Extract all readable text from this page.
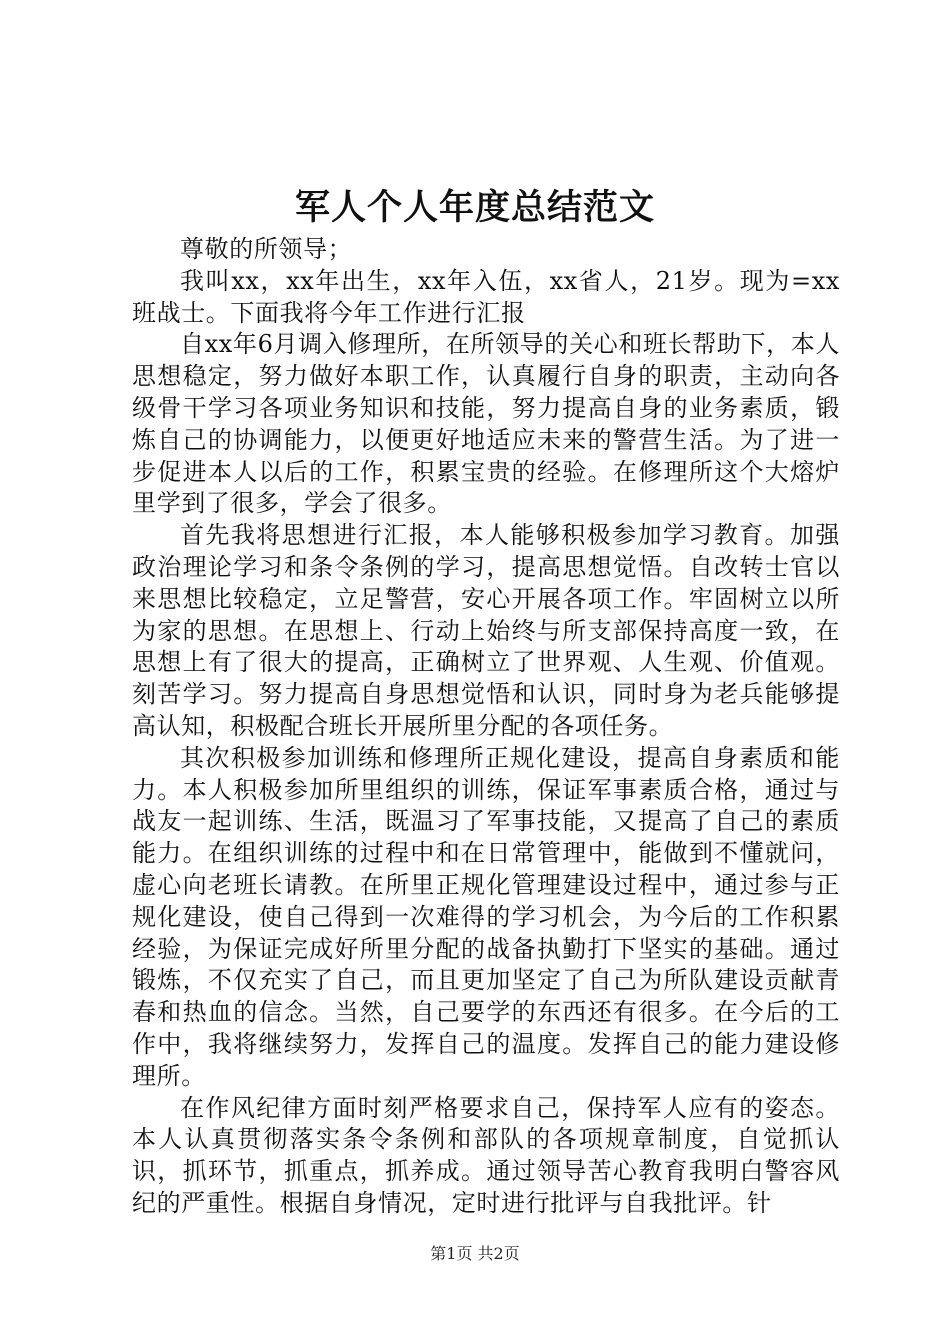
军人个人年度总结范文

尊敬的所领导；

我叫xx，xx年出生，xx年入伍，xx省人，21岁。现为=xx班战士。下面我将今年工作进行汇报

自xx年6月调入修理所，在所领导的关心和班长帮助下，本人思想稳定，努力做好本职工作，认真履行自身的职责，主动向各级骨干学习各项业务知识和技能，努力提高自身的业务素质，锻炼自己的协调能力，以便更好地适应未来的警营生活。为了进一步促进本人以后的工作，积累宝贵的经验。在修理所这个大熔炉里学到了很多，学会了很多。

首先我将思想进行汇报，本人能够积极参加学习教育。加强政治理论学习和条令条例的学习，提高思想觉悟。自改转士官以来思想比较稳定，立足警营，安心开展各项工作。牢固树立以所为家的思想。在思想上、行动上始终与所支部保持高度一致，在思想上有了很大的提高，正确树立了世界观、人生观、价值观。刻苦学习。努力提高自身思想觉悟和认识，同时身为老兵能够提高认知，积极配合班长开展所里分配的各项任务。

其次积极参加训练和修理所正规化建设，提高自身素质和能力。本人积极参加所里组织的训练，保证军事素质合格，通过与战友一起训练、生活，既温习了军事技能，又提高了自己的素质能力。在组织训练的过程中和在日常管理中，能做到不懂就问，虚心向老班长请教。在所里正规化管理建设过程中，通过参与正规化建设，使自己得到一次难得的学习机会，为今后的工作积累经验，为保证完成好所里分配的战备执勤打下坚实的基础。通过锻炼，不仅充实了自己，而且更加坚定了自己为所队建设贡献青春和热血的信念。当然，自己要学的东西还有很多。在今后的工作中，我将继续努力，发挥自己的温度。发挥自己的能力建设修理所。

在作风纪律方面时刻严格要求自己，保持军人应有的姿态。本人认真贯彻落实条令条例和部队的各项规章制度，自觉抓认识，抓环节，抓重点，抓养成。通过领导苦心教育我明白警容风纪的严重性。根据自身情况，定时进行批评与自我批评。针

第1页 共2页
